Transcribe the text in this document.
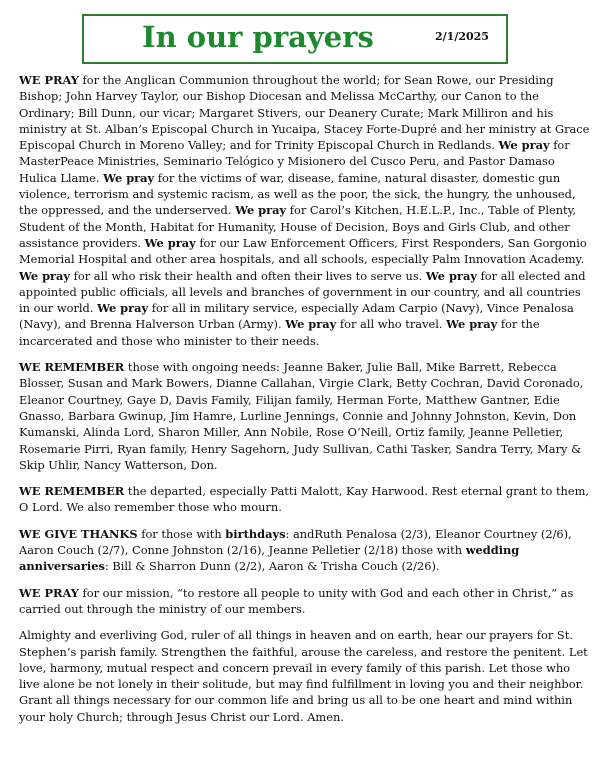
In our prayers	2/1/2025

WE PRAY for the Anglican Communion throughout the world; for Sean Rowe, our Presiding Bishop; John Harvey Taylor, our Bishop Diocesan and Melissa McCarthy, our Canon to the Ordinary; Bill Dunn, our vicar; Margaret Stivers, our Deanery Curate; Mark Milliron and his ministry at St. Alban’s Episcopal Church in Yucaipa, Stacey Forte-Dupré and her ministry at Grace Episcopal Church in Moreno Valley; and for Trinity Episcopal Church in Redlands. We pray for MasterPeace Ministries, Seminario Telógico y Misionero del Cusco Peru, and Pastor Damaso Hulica Llame. We pray for the victims of war, disease, famine, natural disaster, domestic gun violence, terrorism and systemic racism, as well as the poor, the sick, the hungry, the unhoused, the oppressed, and the underserved. We pray for Carol’s Kitchen, H.E.L.P., Inc., Table of Plenty, Student of the Month, Habitat for Humanity, House of Decision, Boys and Girls Club, and other assistance providers. We pray for our Law Enforcement Officers, First Responders, San Gorgonio Memorial Hospital and other area hospitals, and all schools, especially Palm Innovation Academy. We pray for all who risk their health and often their lives to serve us. We pray for all elected and appointed public officials, all levels and branches of government in our country, and all countries in our world. We pray for all in military service, especially Adam Carpio (Navy), Vince Penalosa (Navy), and Brenna Halverson Urban (Army). We pray for all who travel. We pray for the incarcerated and those who minister to their needs.

WE REMEMBER those with ongoing needs: Jeanne Baker, Julie Ball, Mike Barrett, Rebecca Blosser, Susan and Mark Bowers, Dianne Callahan, Virgie Clark, Betty Cochran, David Coronado, Eleanor Courtney, Gaye D, Davis Family, Filijan family, Herman Forte, Matthew Gantner, Edie Gnasso, Barbara Gwinup, Jim Hamre, Lurline Jennings, Connie and Johnny Johnston, Kevin, Don Kumanski, Alinda Lord, Sharon Miller, Ann Nobile, Rose O’Neill, Ortiz family, Jeanne Pelletier, Rosemarie Pirri, Ryan family, Henry Sagehorn, Judy Sullivan, Cathi Tasker, Sandra Terry, Mary & Skip Uhlir, Nancy Watterson, Don.

WE REMEMBER the departed, especially Patti Malott, Kay Harwood. Rest eternal grant to them, O Lord. We also remember those who mourn.

WE GIVE THANKS for those with birthdays: andRuth Penalosa (2/3), Eleanor Courtney (2/6), Aaron Couch (2/7), Conne Johnston (2/16), Jeanne Pelletier (2/18) those with wedding anniversaries: Bill & Sharron Dunn (2/2), Aaron & Trisha Couch (2/26).

WE PRAY for our mission, “to restore all people to unity with God and each other in Christ,” as carried out through the ministry of our members.

Almighty and everliving God, ruler of all things in heaven and on earth, hear our prayers for St. Stephen’s parish family. Strengthen the faithful, arouse the careless, and restore the penitent. Let love, harmony, mutual respect and concern prevail in every family of this parish. Let those who live alone be not lonely in their solitude, but may find fulfillment in loving you and their neighbor. Grant all things necessary for our common life and bring us all to be one heart and mind within your holy Church; through Jesus Christ our Lord. Amen.
